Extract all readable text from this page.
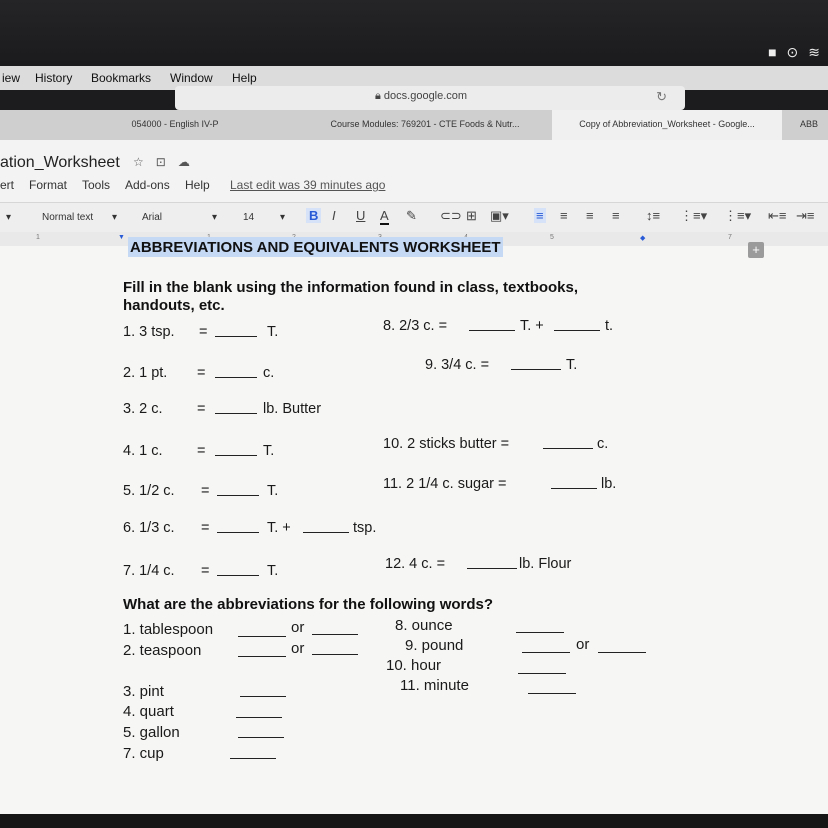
■ ⊙ ≋
iew History Bookmarks Window Help
🔒︎ docs.google.com	↻
054000 - English IV-P	Course Modules: 769201 - CTE Foods & Nutr...	Copy of Abbreviation_Worksheet - Google...	ABB
ation_Worksheet ☆ ⊡ ☁
ert Format Tools Add-ons Help Last edit was 39 minutes ago
▾	Normal text ▾ Arial	▾	14	▾ B I U A ✎ ⊂⊃ ⊞ ▣▾ ≡ ≡ ≡ ≡ ↕≡ ⋮≡▾ ⋮≡▾ ⇤≡ ⇥≡
1	▼	5	◆	7
+
ABBREVIATIONS AND EQUIVALENTS WORKSHEET
Fill in the blank using the information found in class, textbooks, handouts, etc.
1. 3 tsp. =	T.
2. 1 pt. =	c.
3. 2 c. =	lb. Butter
4. 1 c. =	T.
5. 1/2 c. =	T.
6. 1/3 c. =	T. +	tsp.
7. 1/4 c. =	T.
8. 2/3 c. =	T. +	t.
9. 3/4 c. =	T.
10. 2 sticks butter =	c.
11. 2 1/4 c. sugar =	lb.
12. 4 c. =	lb. Flour
What are the abbreviations for the following words?
1. tablespoon	or
2. teaspoon	or
3. pint
4. quart
5. gallon
7. cup
8. ounce
9. pound	or
10. hour
11. minute
